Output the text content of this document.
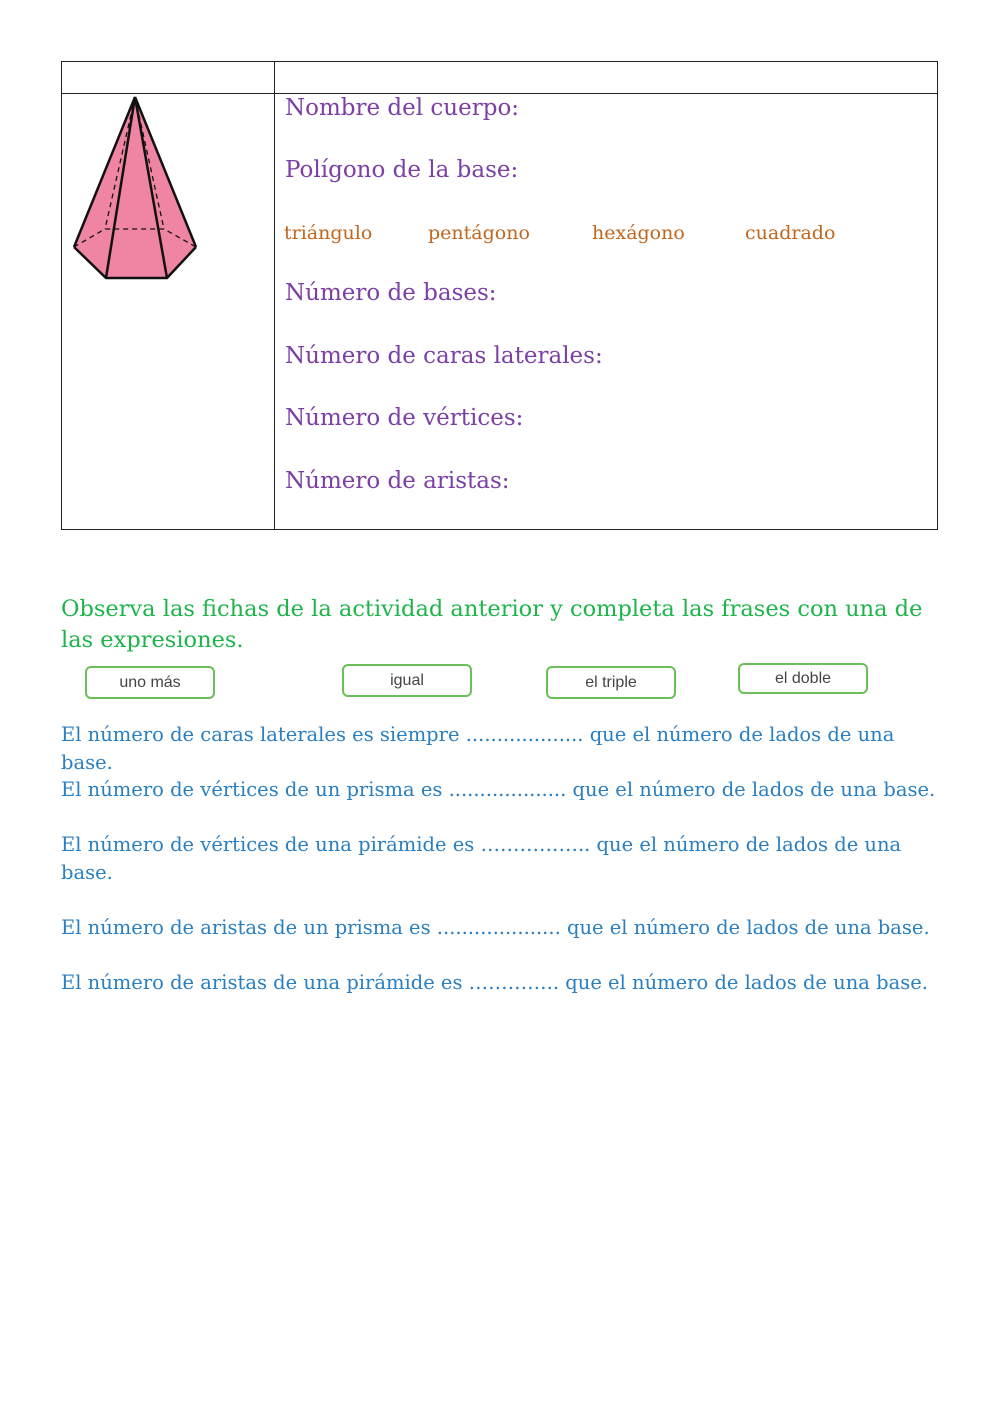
Nombre del cuerpo:
Polígono de la base:
triángulo	pentágono	hexágono	cuadrado
Número de bases:
Número de caras laterales:
Número de vértices:
Número de aristas:
Observa las fichas de la actividad anterior y completa las frases con una de las expresiones.
uno más	igual	el triple	el doble
El número de caras laterales es siempre ................... que el número de lados de una base.
El número de vértices de un prisma es ................... que el número de lados de una base.
El número de vértices de una pirámide es …………….. que el número de lados de una base.
El número de aristas de un prisma es .................... que el número de lados de una base.
El número de aristas de una pirámide es ………….. que el número de lados de una base.
